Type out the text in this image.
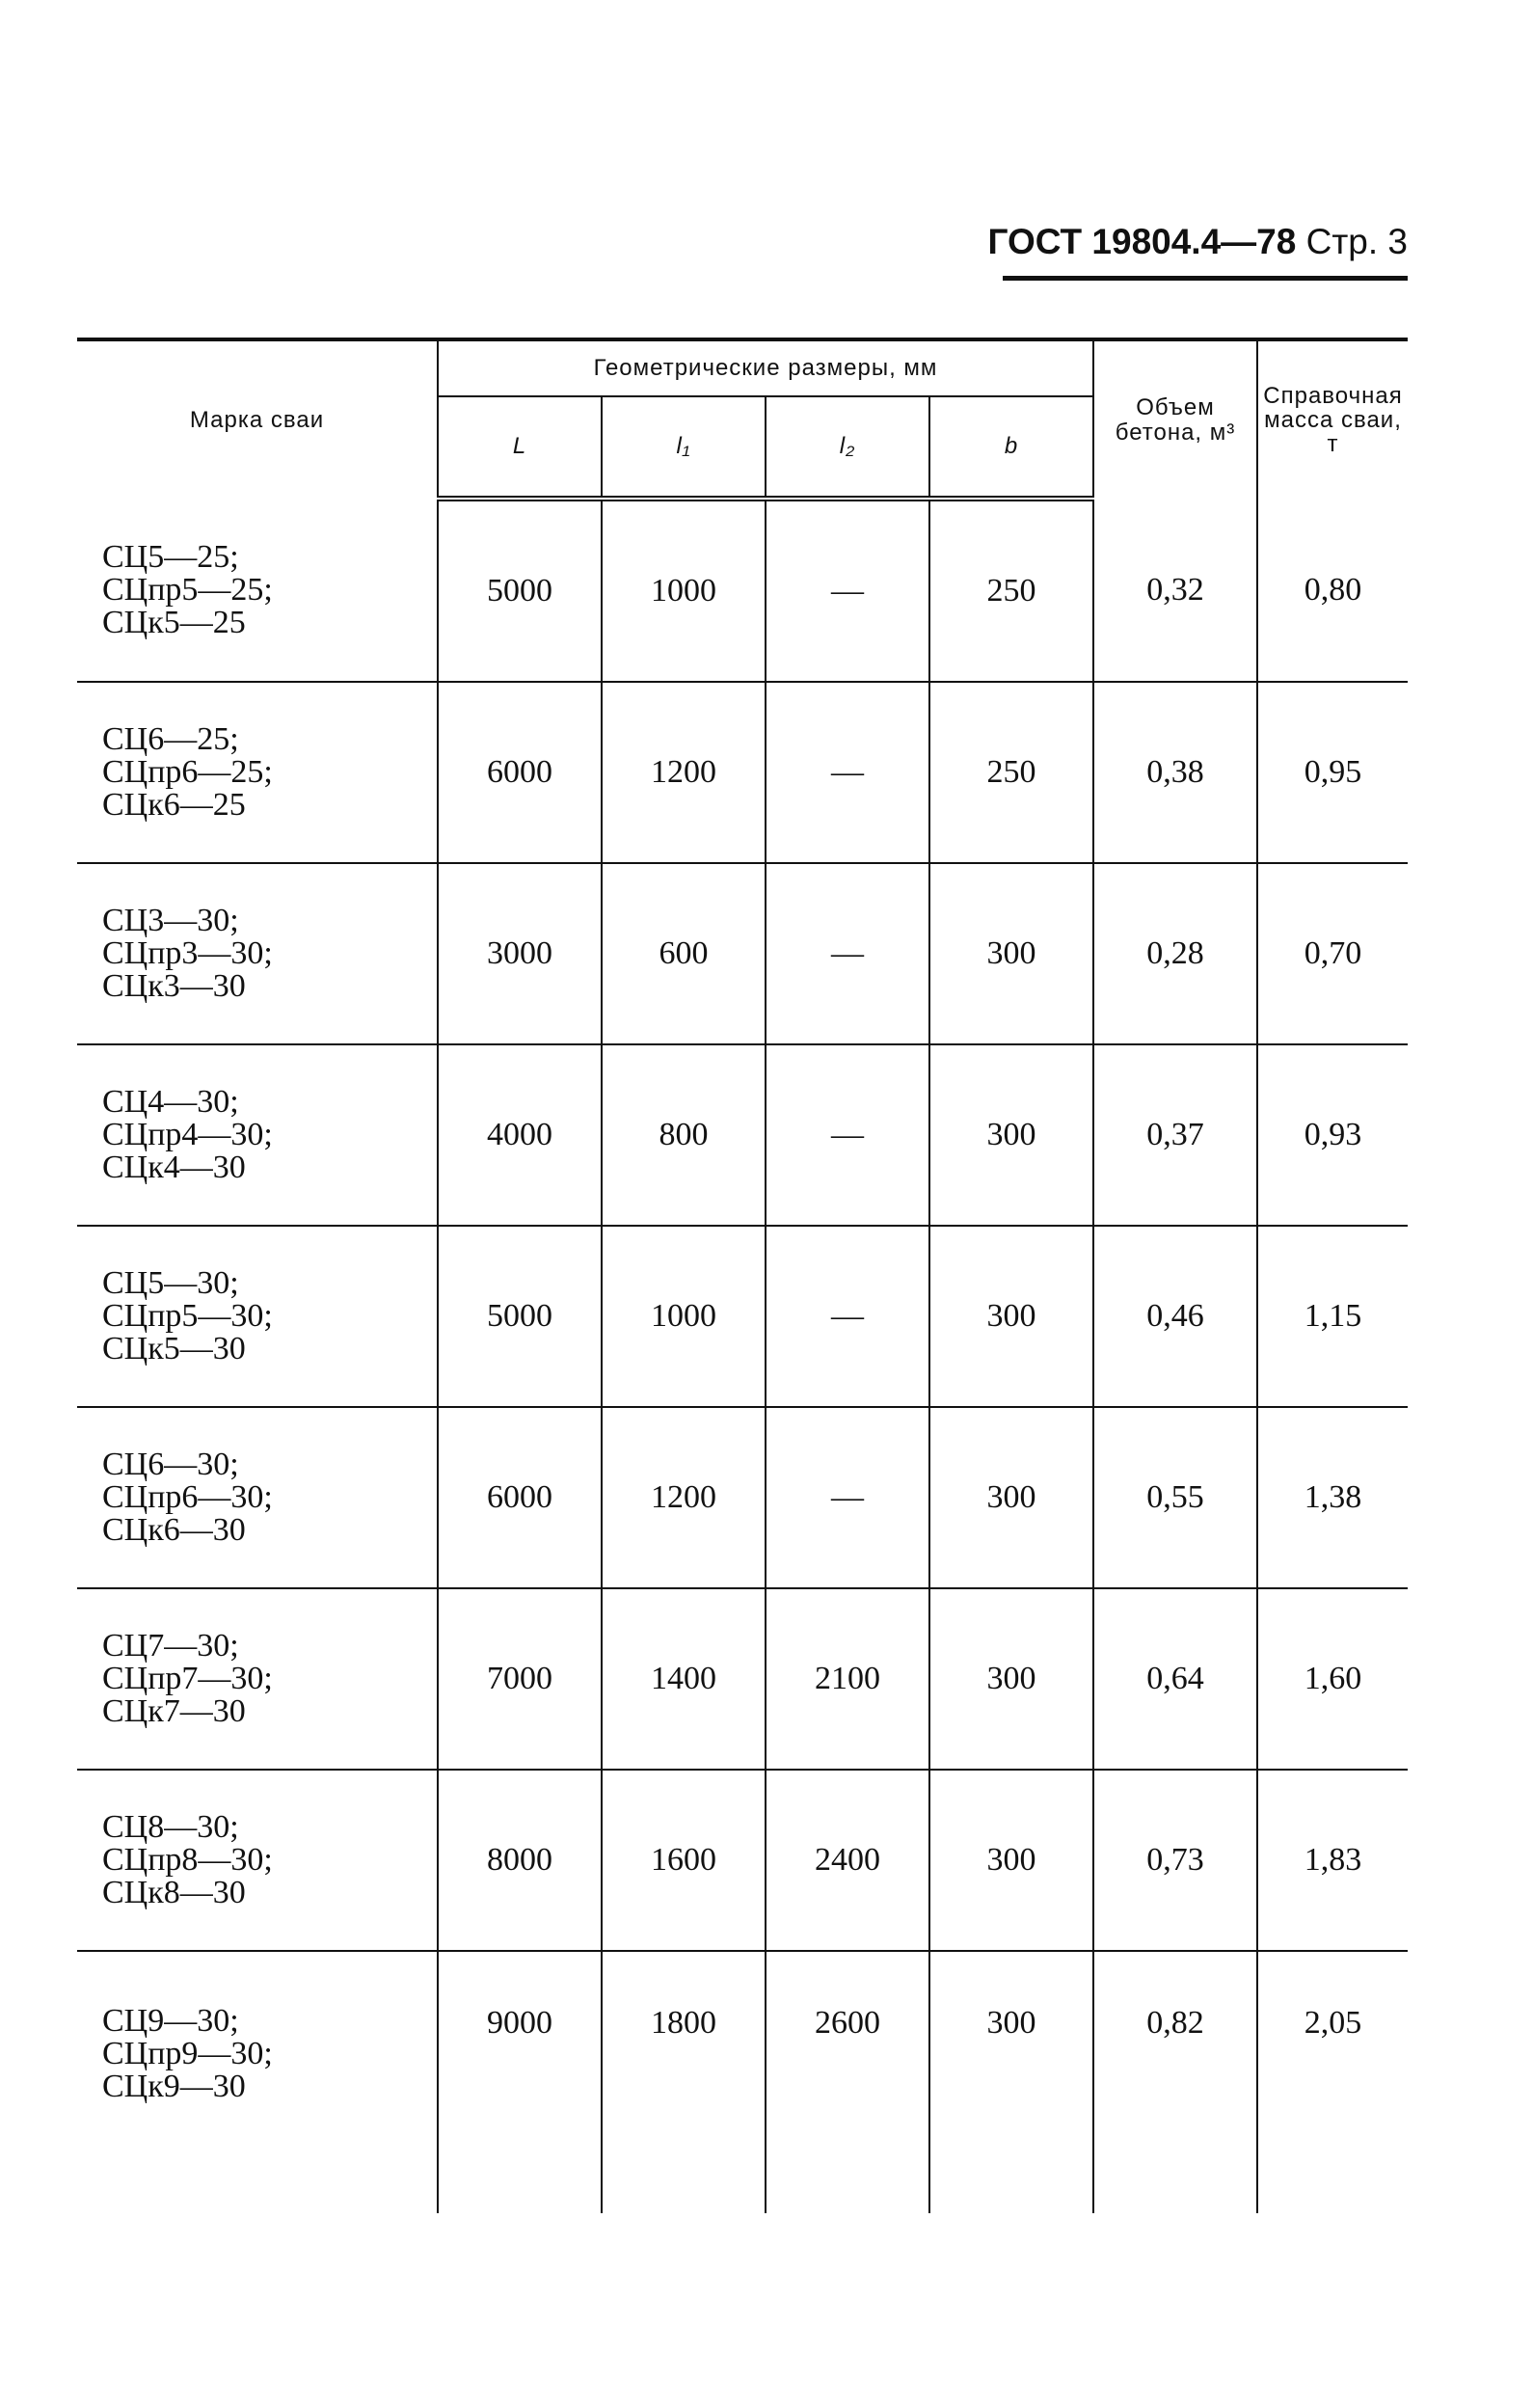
ГОСТ 19804.4—78 Стр. 3
Марка сваи	Геометрические размеры, мм				Объем бетона, м³	Справочная масса сваи, т
	L	l₁	l₂	b		

СЦ5—25;
СЦпр5—25;
СЦк5—25	5000	1000	—	250	0,32	0,80

СЦ6—25;
СЦпр6—25;
СЦк6—25	6000	1200	—	250	0,38	0,95

СЦ3—30;
СЦпр3—30;
СЦк3—30	3000	600	—	300	0,28	0,70

СЦ4—30;
СЦпр4—30;
СЦк4—30	4000	800	—	300	0,37	0,93

СЦ5—30;
СЦпр5—30;
СЦк5—30	5000	1000	—	300	0,46	1,15

СЦ6—30;
СЦпр6—30;
СЦк6—30	6000	1200	—	300	0,55	1,38

СЦ7—30;
СЦпр7—30;
СЦк7—30	7000	1400	2100	300	0,64	1,60

СЦ8—30;
СЦпр8—30;
СЦк8—30	8000	1600	2400	300	0,73	1,83

СЦ9—30;
СЦпр9—30;
СЦк9—30	9000	1800	2600	300	0,82	2,05
